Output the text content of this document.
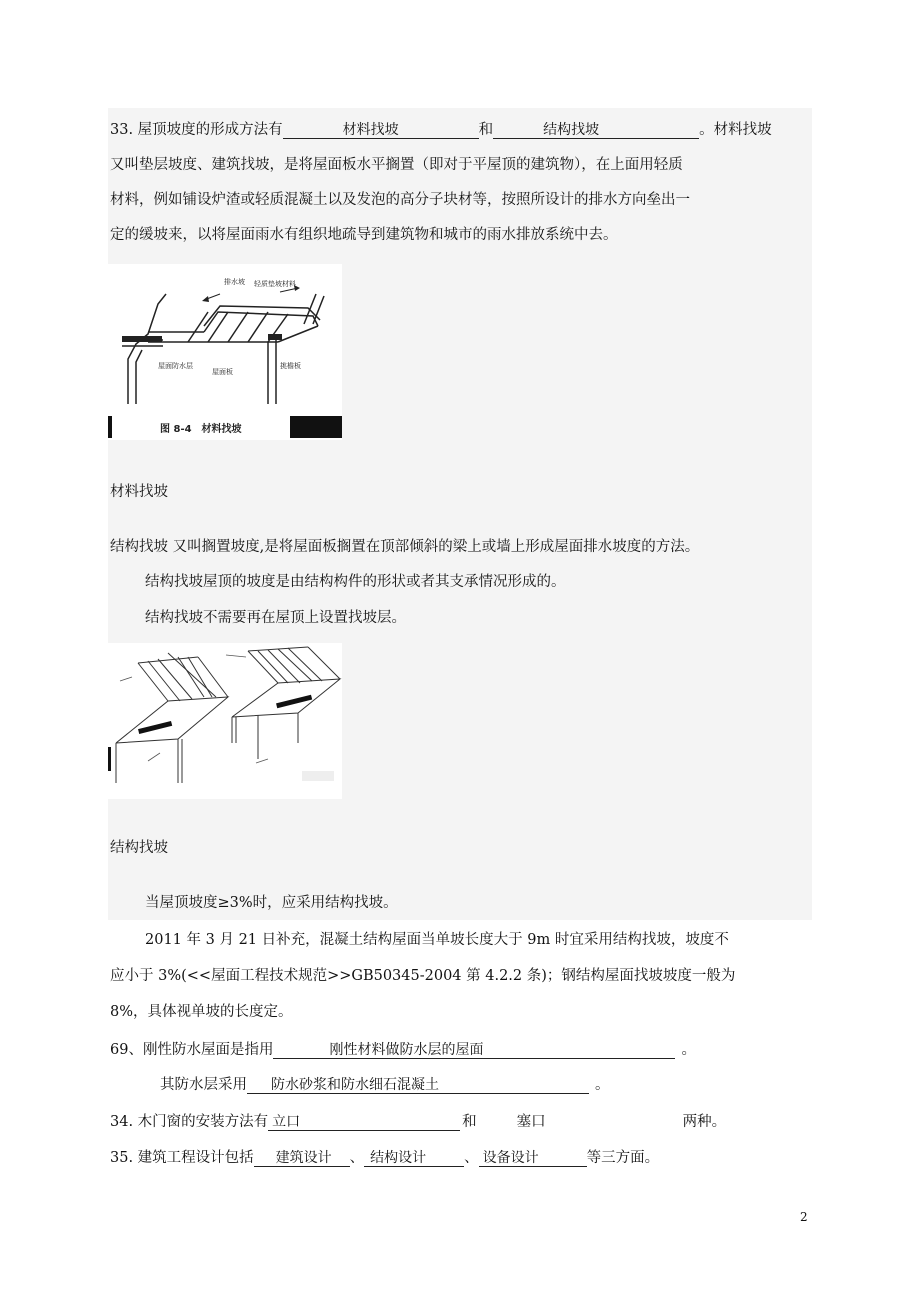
33. 屋顶坡度的形成方法有	材料找坡	和	结构找坡	。材料找坡
又叫垫层坡度、建筑找坡，是将屋面板水平搁置（即对于平屋顶的建筑物），在上面用轻质
材料，例如铺设炉渣或轻质混凝土以及发泡的高分子块材等，按照所设计的排水方向垒出一
定的缓坡来，以将屋面雨水有组织地疏导到建筑物和城市的雨水排放系统中去。
排水坡 轻质垫坡材料
屋面防水层
屋面板
挑檐板
图 8-4　材料找坡
材料找坡
结构找坡 又叫搁置坡度,是将屋面板搁置在顶部倾斜的梁上或墙上形成屋面排水坡度的方法。
结构找坡屋顶的坡度是由结构构件的形状或者其支承情况形成的。
结构找坡不需要再在屋顶上设置找坡层。
结构找坡
当屋顶坡度≥3%时，应采用结构找坡。
2011 年 3 月 21 日补充，混凝土结构屋面当单坡长度大于 9m 时宜采用结构找坡，坡度不
应小于 3%(<<屋面工程技术规范>>GB50345-2004 第 4.2.2 条)；钢结构屋面找坡坡度一般为
8%，具体视单坡的长度定。
69、刚性防水屋面是指用	刚性材料做防水层的屋面	。
其防水层采用 防水砂浆和防水细石混凝土	。
34. 木门窗的安装方法有 立口	和	塞口	两种。
35. 建筑工程设计包括 建筑设计 、 结构设计	、 设备设计	等三方面。
2
